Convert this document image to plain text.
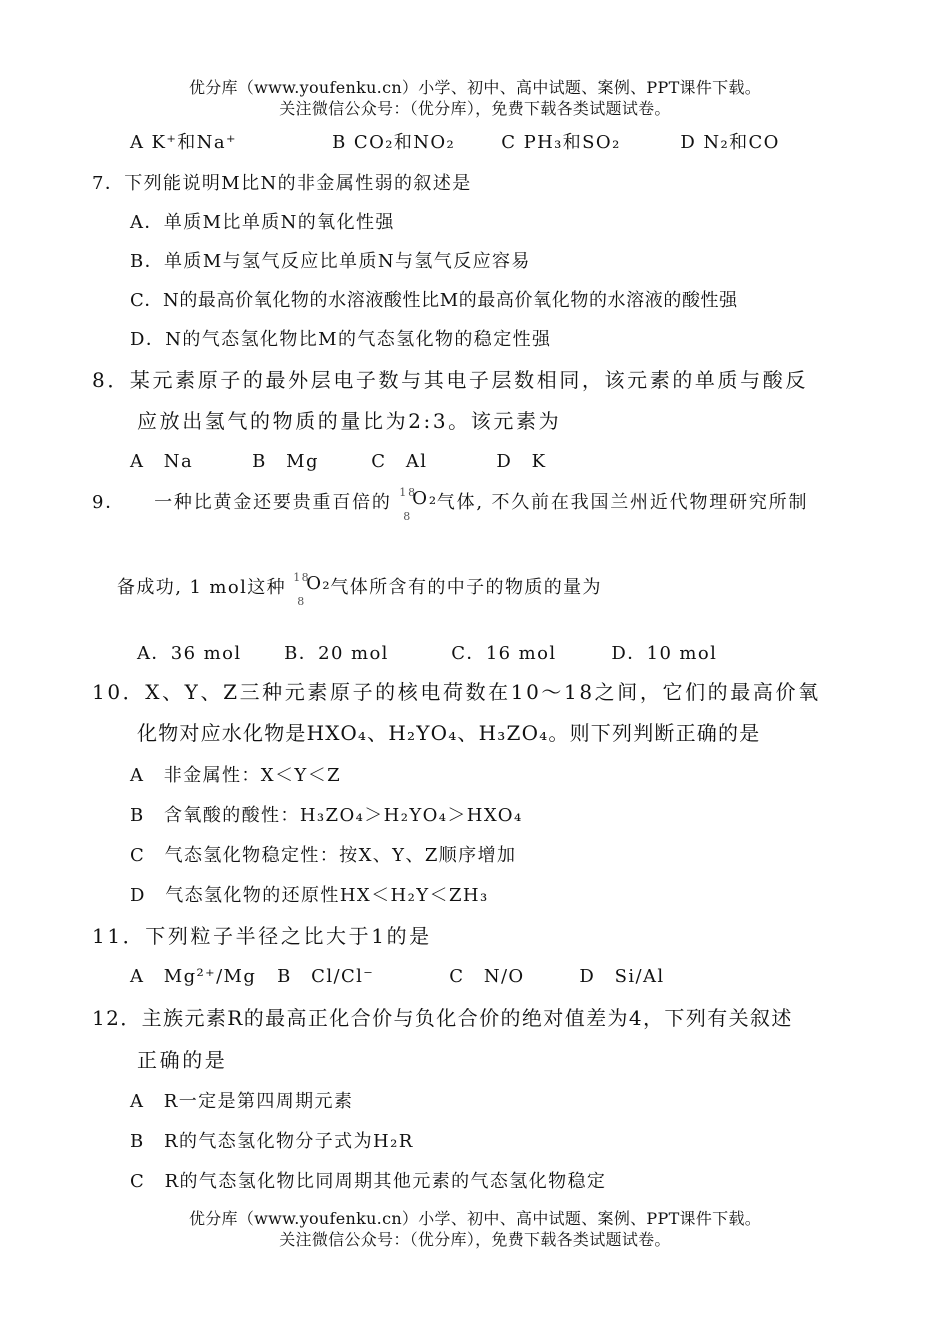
优分库（www.youfenku.cn）小学、初中、高中试题、案例、PPT课件下载。
关注微信公众号：（优分库），免费下载各类试题试卷。
A K⁺和Na⁺	B CO₂和NO₂	C PH₃和SO₂	D N₂和CO
7．下列能说明M比N的非金属性弱的叙述是
A．单质M比单质N的氧化性强
B．单质M与氢气反应比单质N与氢气反应容易
C．N的最高价氧化物的水溶液酸性比M的最高价氧化物的水溶液的酸性强
D．N的气态氢化物比M的气态氢化物的稳定性强
8．某元素原子的最外层电子数与其电子层数相同，该元素的单质与酸反
应放出氢气的物质的量比为2:3。该元素为
A　Na	B　Mg	C　Al	D　K
9． 一种比黄金还要贵重百倍的 18
8
O₂
气体, 不久前在我国兰州近代物理研究所制
备成功, 1 mol这种 18
8
O₂ 气体所含有的中子的物质的量为
A．36 mol B．20 mol	C．16 mol	D．10 mol
10．X、Y、Z三种元素原子的核电荷数在10～18之间，它们的最高价氧
化物对应水化物是HXO₄、H₂YO₄、H₃ZO₄。则下列判断正确的是
A　非金属性：X＜Y＜Z
B　含氧酸的酸性：H₃ZO₄＞H₂YO₄＞HXO₄
C　气态氢化物稳定性：按X、Y、Z顺序增加
D　气态氢化物的还原性HX＜H₂Y＜ZH₃
11．下列粒子半径之比大于1的是
A　Mg²⁺/Mg B　Cl/Cl⁻	C　N/O	D　Si/Al
12．主族元素R的最高正化合价与负化合价的绝对值差为4，下列有关叙述
正确的是
A　R一定是第四周期元素
B　R的气态氢化物分子式为H₂R
C　R的气态氢化物比同周期其他元素的气态氢化物稳定
优分库（www.youfenku.cn）小学、初中、高中试题、案例、PPT课件下载。
关注微信公众号：（优分库），免费下载各类试题试卷。
